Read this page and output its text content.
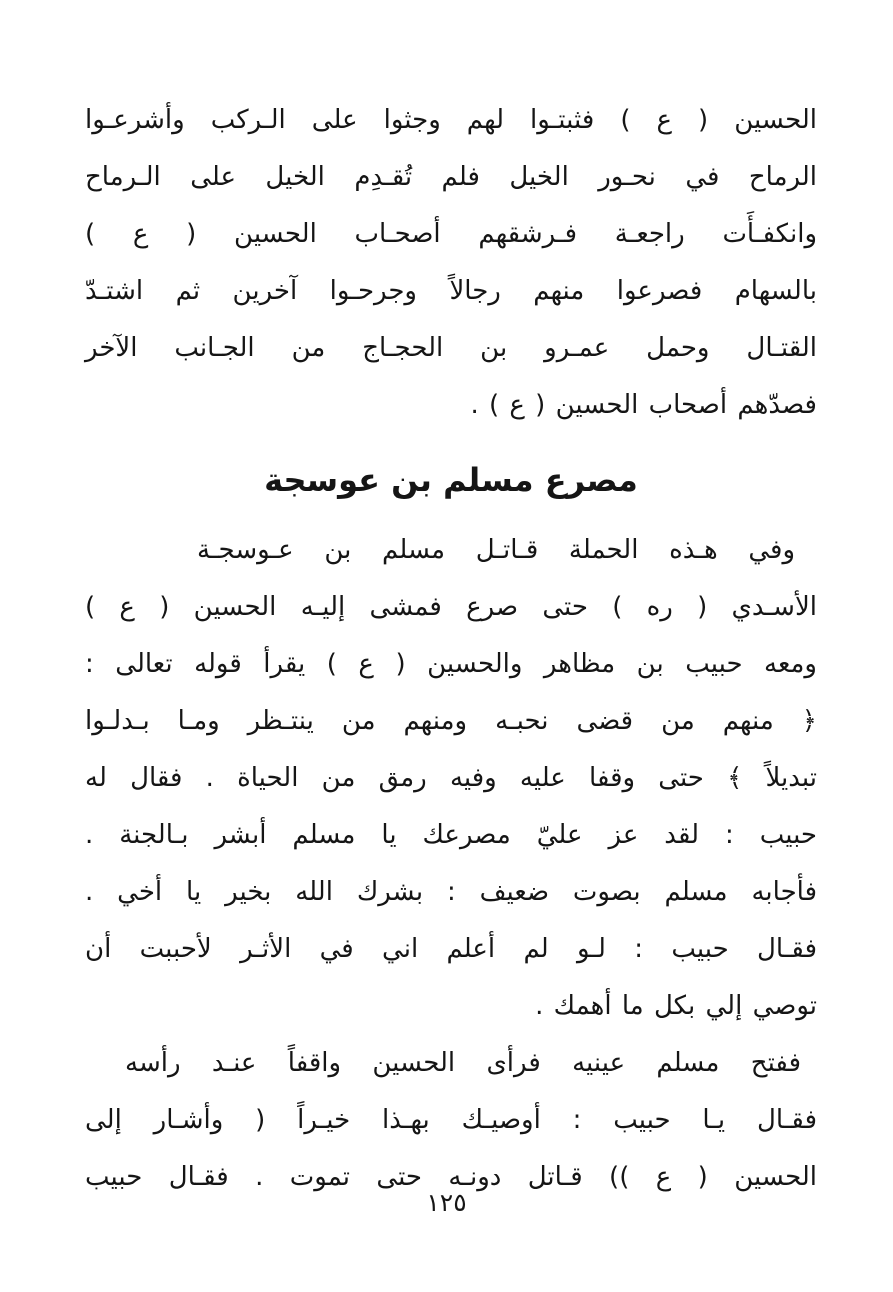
الحسين ( ع ) فثبتـوا لهم وجثوا على الـركب وأشرعـوا
الرماح في نحـور الخيل فلم تُقـدِم الخيل على الـرماح
وانكفـأَت راجعـة فـرشقهم أصحـاب الحسين ( ع )
بالسهام فصرعوا منهم رجالاً وجرحـوا آخرين ثم اشتـدّ
القتـال وحمل عمـرو بن الحجـاج من الجـانب الآخر
فصدّهم أصحاب الحسين ( ع ) .
مصرع مسلم بن عوسجة
وفي هـذه الحملة قـاتـل مسلم بن عـوسجـة
الأسـدي ( ره ) حتى صرع فمشى إليـه الحسين ( ع )
ومعه حبيب بن مظاهر والحسين ( ع ) يقرأ قوله تعالى :
﴿ منهم من قضى نحبـه ومنهم من ينتـظر ومـا بـدلـوا
تبديلاً ﴾ حتى وقفا عليه وفيه رمق من الحياة . فقال له
حبيب : لقد عز عليّ مصرعك يا مسلم أبشر بـالجنة .
فأجابه مسلم بصوت ضعيف : بشرك الله بخير يا أخي .
فقـال حبيب : لـو لم أعلم اني في الأثـر لأحببت أن
توصي إلي بكل ما أهمك .
ففتح مسلم عينيه فرأى الحسين واقفاً عنـد رأسه
فقـال يـا حبيب : أوصيـك بهـذا خيـراً ( وأشـار إلى
الحسين ( ع )) قـاتل دونـه حتى تموت . فقـال حبيب
١٢٥
